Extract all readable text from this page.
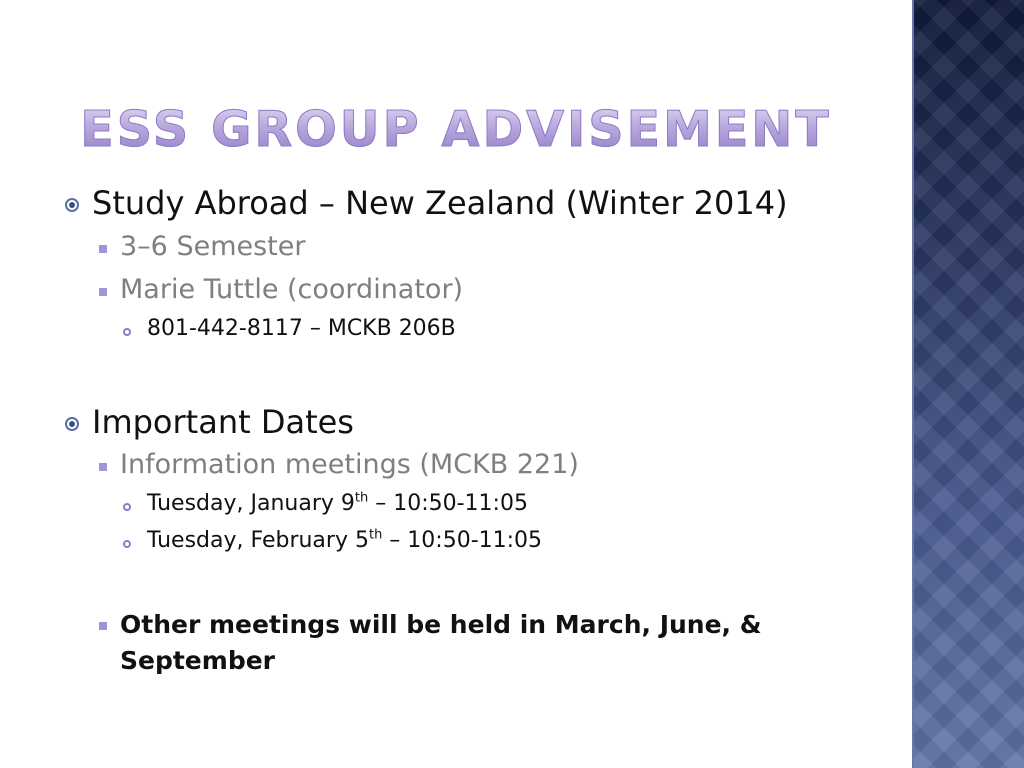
ESS GROUP ADVISEMENT
Study Abroad – New Zealand (Winter 2014)
3–6 Semester
Marie Tuttle (coordinator)
801-442-8117 – MCKB 206B
Important Dates
Information meetings (MCKB 221)
Tuesday, January 9th – 10:50-11:05
Tuesday, February 5th – 10:50-11:05
Other meetings will be held in March, June, & September
